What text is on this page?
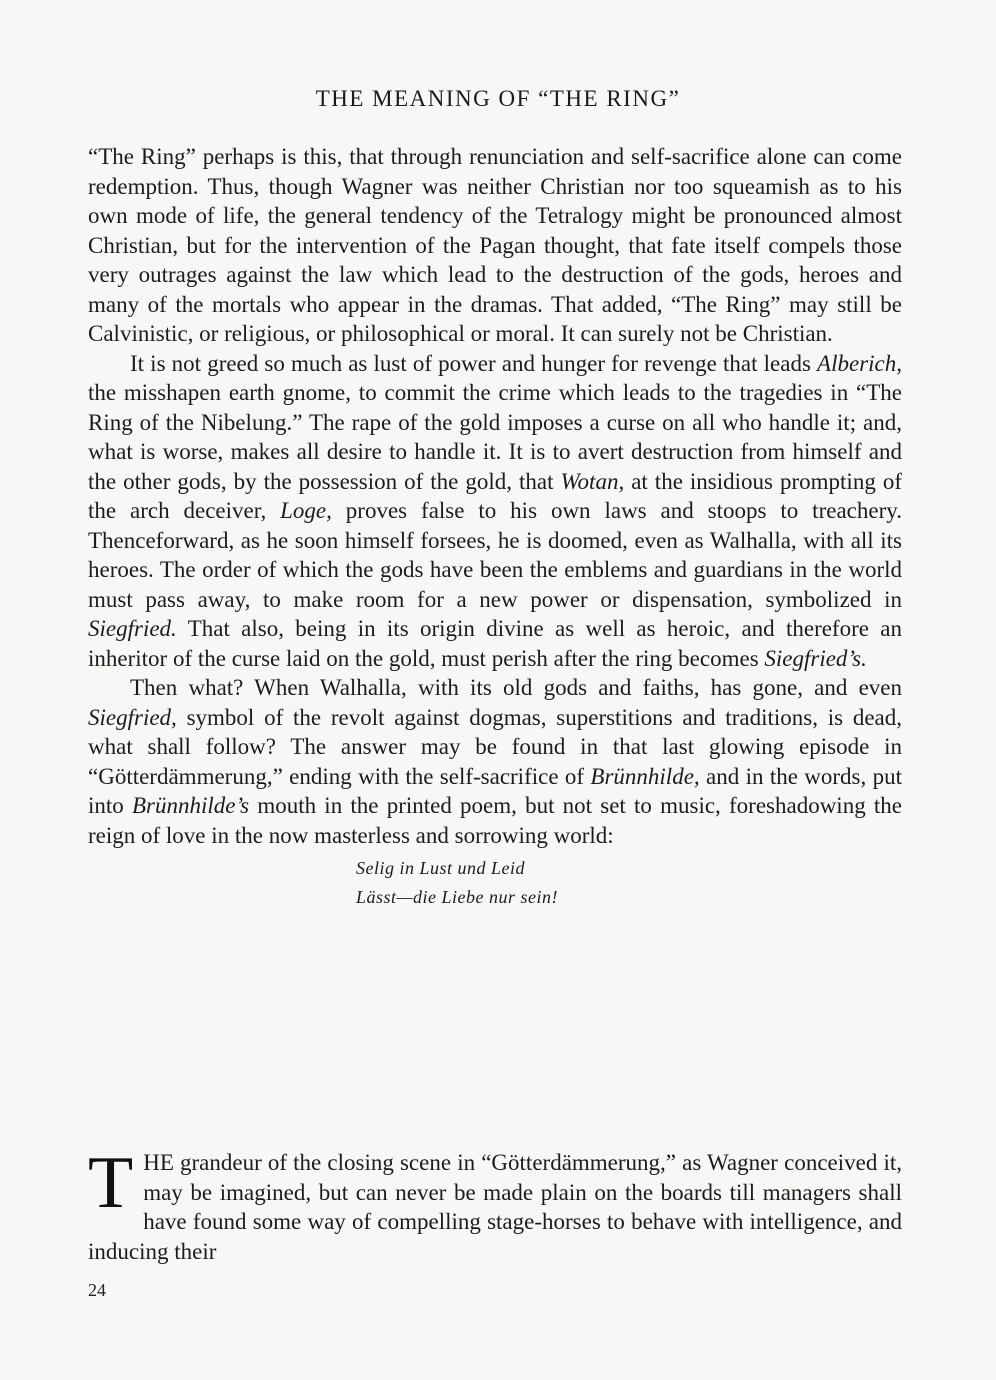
THE MEANING OF “THE RING”

“The Ring” perhaps is this, that through renunciation and self-sacrifice alone can come redemption. Thus, though Wagner was neither Christian nor too squeamish as to his own mode of life, the general tendency of the Tetralogy might be pronounced almost Christian, but for the intervention of the Pagan thought, that fate itself compels those very outrages against the law which lead to the destruction of the gods, heroes and many of the mortals who appear in the dramas. That added, “The Ring” may still be Calvinistic, or religious, or philosophical or moral. It can surely not be Christian.

It is not greed so much as lust of power and hunger for revenge that leads Alberich, the misshapen earth gnome, to commit the crime which leads to the tragedies in “The Ring of the Nibelung.” The rape of the gold imposes a curse on all who handle it; and, what is worse, makes all desire to handle it. It is to avert destruction from himself and the other gods, by the possession of the gold, that Wotan, at the insidious prompting of the arch deceiver, Loge, proves false to his own laws and stoops to treachery. Thenceforward, as he soon himself forsees, he is doomed, even as Walhalla, with all its heroes. The order of which the gods have been the emblems and guardians in the world must pass away, to make room for a new power or dispensation, symbolized in Siegfried. That also, being in its origin divine as well as heroic, and therefore an inheritor of the curse laid on the gold, must perish after the ring becomes Siegfried’s.

Then what? When Walhalla, with its old gods and faiths, has gone, and even Siegfried, symbol of the revolt against dogmas, superstitions and traditions, is dead, what shall follow? The answer may be found in that last glowing episode in “Götterdämmerung,” ending with the self-sacrifice of Brünnhilde, and in the words, put into Brünnhilde’s mouth in the printed poem, but not set to music, foreshadowing the reign of love in the now masterless and sorrowing world:

Selig in Lust und Leid
Lässt—die Liebe nur sein!
THE grandeur of the closing scene in “Götterdämmerung,” as Wagner conceived it, may be imagined, but can never be made plain on the boards till managers shall have found some way of compelling stage-horses to behave with intelligence, and inducing their
24
